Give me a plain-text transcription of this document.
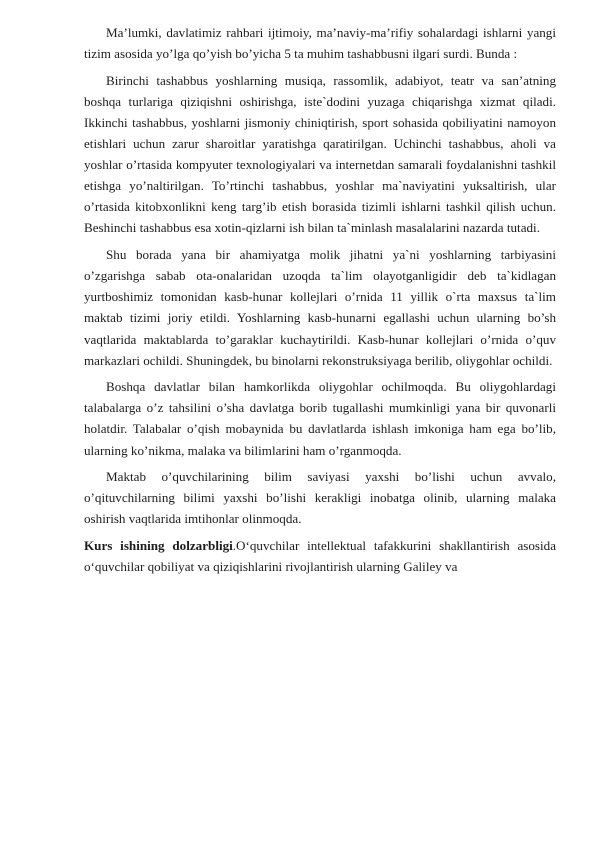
Ma’lumki, davlatimiz rahbari ijtimoiy, ma’naviy-ma’rifiy sohalardagi ishlarni yangi tizim asosida yo’lga qo’yish bo’yicha 5 ta muhim tashabbusni ilgari surdi. Bunda :

Birinchi tashabbus yoshlarning musiqa, rassomlik, adabiyot, teatr va san’atning boshqa turlariga qiziqishni oshirishga, iste`dodini yuzaga chiqarishga xizmat qiladi. Ikkinchi tashabbus, yoshlarni jismoniy chiniqtirish, sport sohasida qobiliyatini namoyon etishlari uchun zarur sharoitlar yaratishga qaratirilgan. Uchinchi tashabbus, aholi va yoshlar o’rtasida kompyuter texnologiyalari va internetdan samarali foydalanishni tashkil etishga yo’naltirilgan. To’rtinchi tashabbus, yoshlar ma`naviyatini yuksaltirish, ular o’rtasida kitobxonlikni keng targ’ib etish borasida tizimli ishlarni tashkil qilish uchun. Beshinchi tashabbus esa xotin-qizlarni ish bilan ta`minlash masalalarini nazarda tutadi.

Shu borada yana bir ahamiyatga molik jihatni ya`ni yoshlarning tarbiyasini o’zgarishga sabab ota-onalaridan uzoqda ta`lim olayotganligidir deb ta`kidlagan yurtboshimiz tomonidan kasb-hunar kollejlari o’rnida 11 yillik o`rta maxsus ta`lim maktab tizimi joriy etildi. Yoshlarning kasb-hunarni egallashi uchun ularning bo’sh vaqtlarida maktablarda to’garaklar kuchaytirildi. Kasb-hunar kollejlari o’rnida o’quv markazlari ochildi. Shuningdek, bu binolarni rekonstruksiyaga berilib, oliygohlar ochildi.

Boshqa davlatlar bilan hamkorlikda oliygohlar ochilmoqda. Bu oliygohlardagi talabalarga o’z tahsilini o’sha davlatga borib tugallashi mumkinligi yana bir quvonarli holatdir. Talabalar o’qish mobaynida bu davlatlarda ishlash imkoniga ham ega bo’lib, ularning ko’nikma, malaka va bilimlarini ham o’rganmoqda.

Maktab o’quvchilarining bilim saviyasi yaxshi bo’lishi uchun avvalo, o’qituvchilarning bilimi yaxshi bo’lishi kerakligi inobatga olinib, ularning malaka oshirish vaqtlarida imtihonlar olinmoqda.

Kurs ishining dolzarbligi.O‘quvchilar intellektual tafakkurini shakllantirish asosida o‘quvchilar qobiliyat va qiziqishlarini rivojlantirish ularning Galiley va
